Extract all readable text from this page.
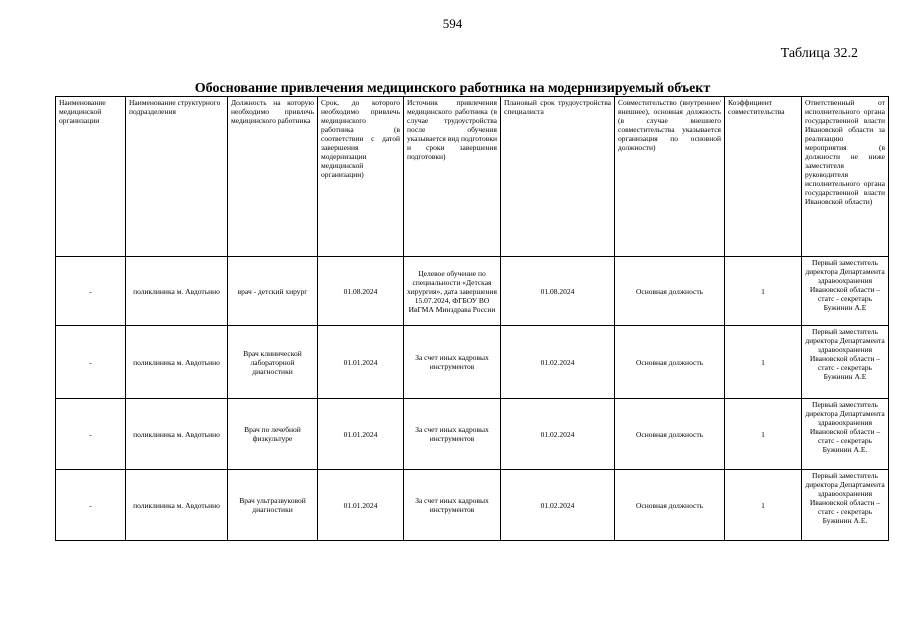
594
Таблица 32.2
Обоснование привлечения медицинского работника на модернизируемый объект
Наименование медицинской организации	Наименование структурного подразделения	Должность на которую необходимо привлечь медицинского работника	Срок, до которого необходимо привлечь медицинского работника (в соответствии с датой завершения модернизации медицинской организации)	Источник привлечения медицинского работника (в случае трудоустройства после обучения указывается вид подготовки и сроки завершения подготовки)	Плановый срок трудоустройства специалиста	Совместительство (внутреннее/внешнее), основная должность (в случае внешнего совместительства указывается организация по основной должности)	Коэффициент совместительства	Ответственный от исполнительного органа государственной власти Ивановской области за реализацию мероприятия (в должности не ниже заместителя руководителя исполнительного органа государственной власти Ивановской области)
-	поликлиника м. Авдотьино	врач - детский хирург	01.08.2024	Целевое обучение по специальности «Детская хирургия», дата завершения 15.07.2024, ФГБОУ ВО ИвГМА Минздрава России	01.08.2024	Основная должность	1	Первый заместитель директора Департамента здравоохранения Ивановской области – статс - секретарь Бужинин А.Е
-	поликлиника м. Авдотьино	Врач клинической лабораторной диагностики	01.01.2024	За счет иных кадровых инструментов	01.02.2024	Основная должность	1	Первый заместитель директора Департамента здравоохранения Ивановской области – статс - секретарь Бужинин А.Е
-	поликлиника м. Авдотьино	Врач по лечебной физкультуре	01.01.2024	За счет иных кадровых инструментов	01.02.2024	Основная должность	1	Первый заместитель директора Департамента здравоохранения Ивановской области – статс - секретарь Бужинин А.Е.
-	поликлиника м. Авдотьино	Врач ультразвуковой диагностики	01.01.2024	За счет иных кадровых инструментов	01.02.2024	Основная должность	1	Первый заместитель директора Департамента здравоохранения Ивановской области – статс - секретарь Бужинин А.Е.
